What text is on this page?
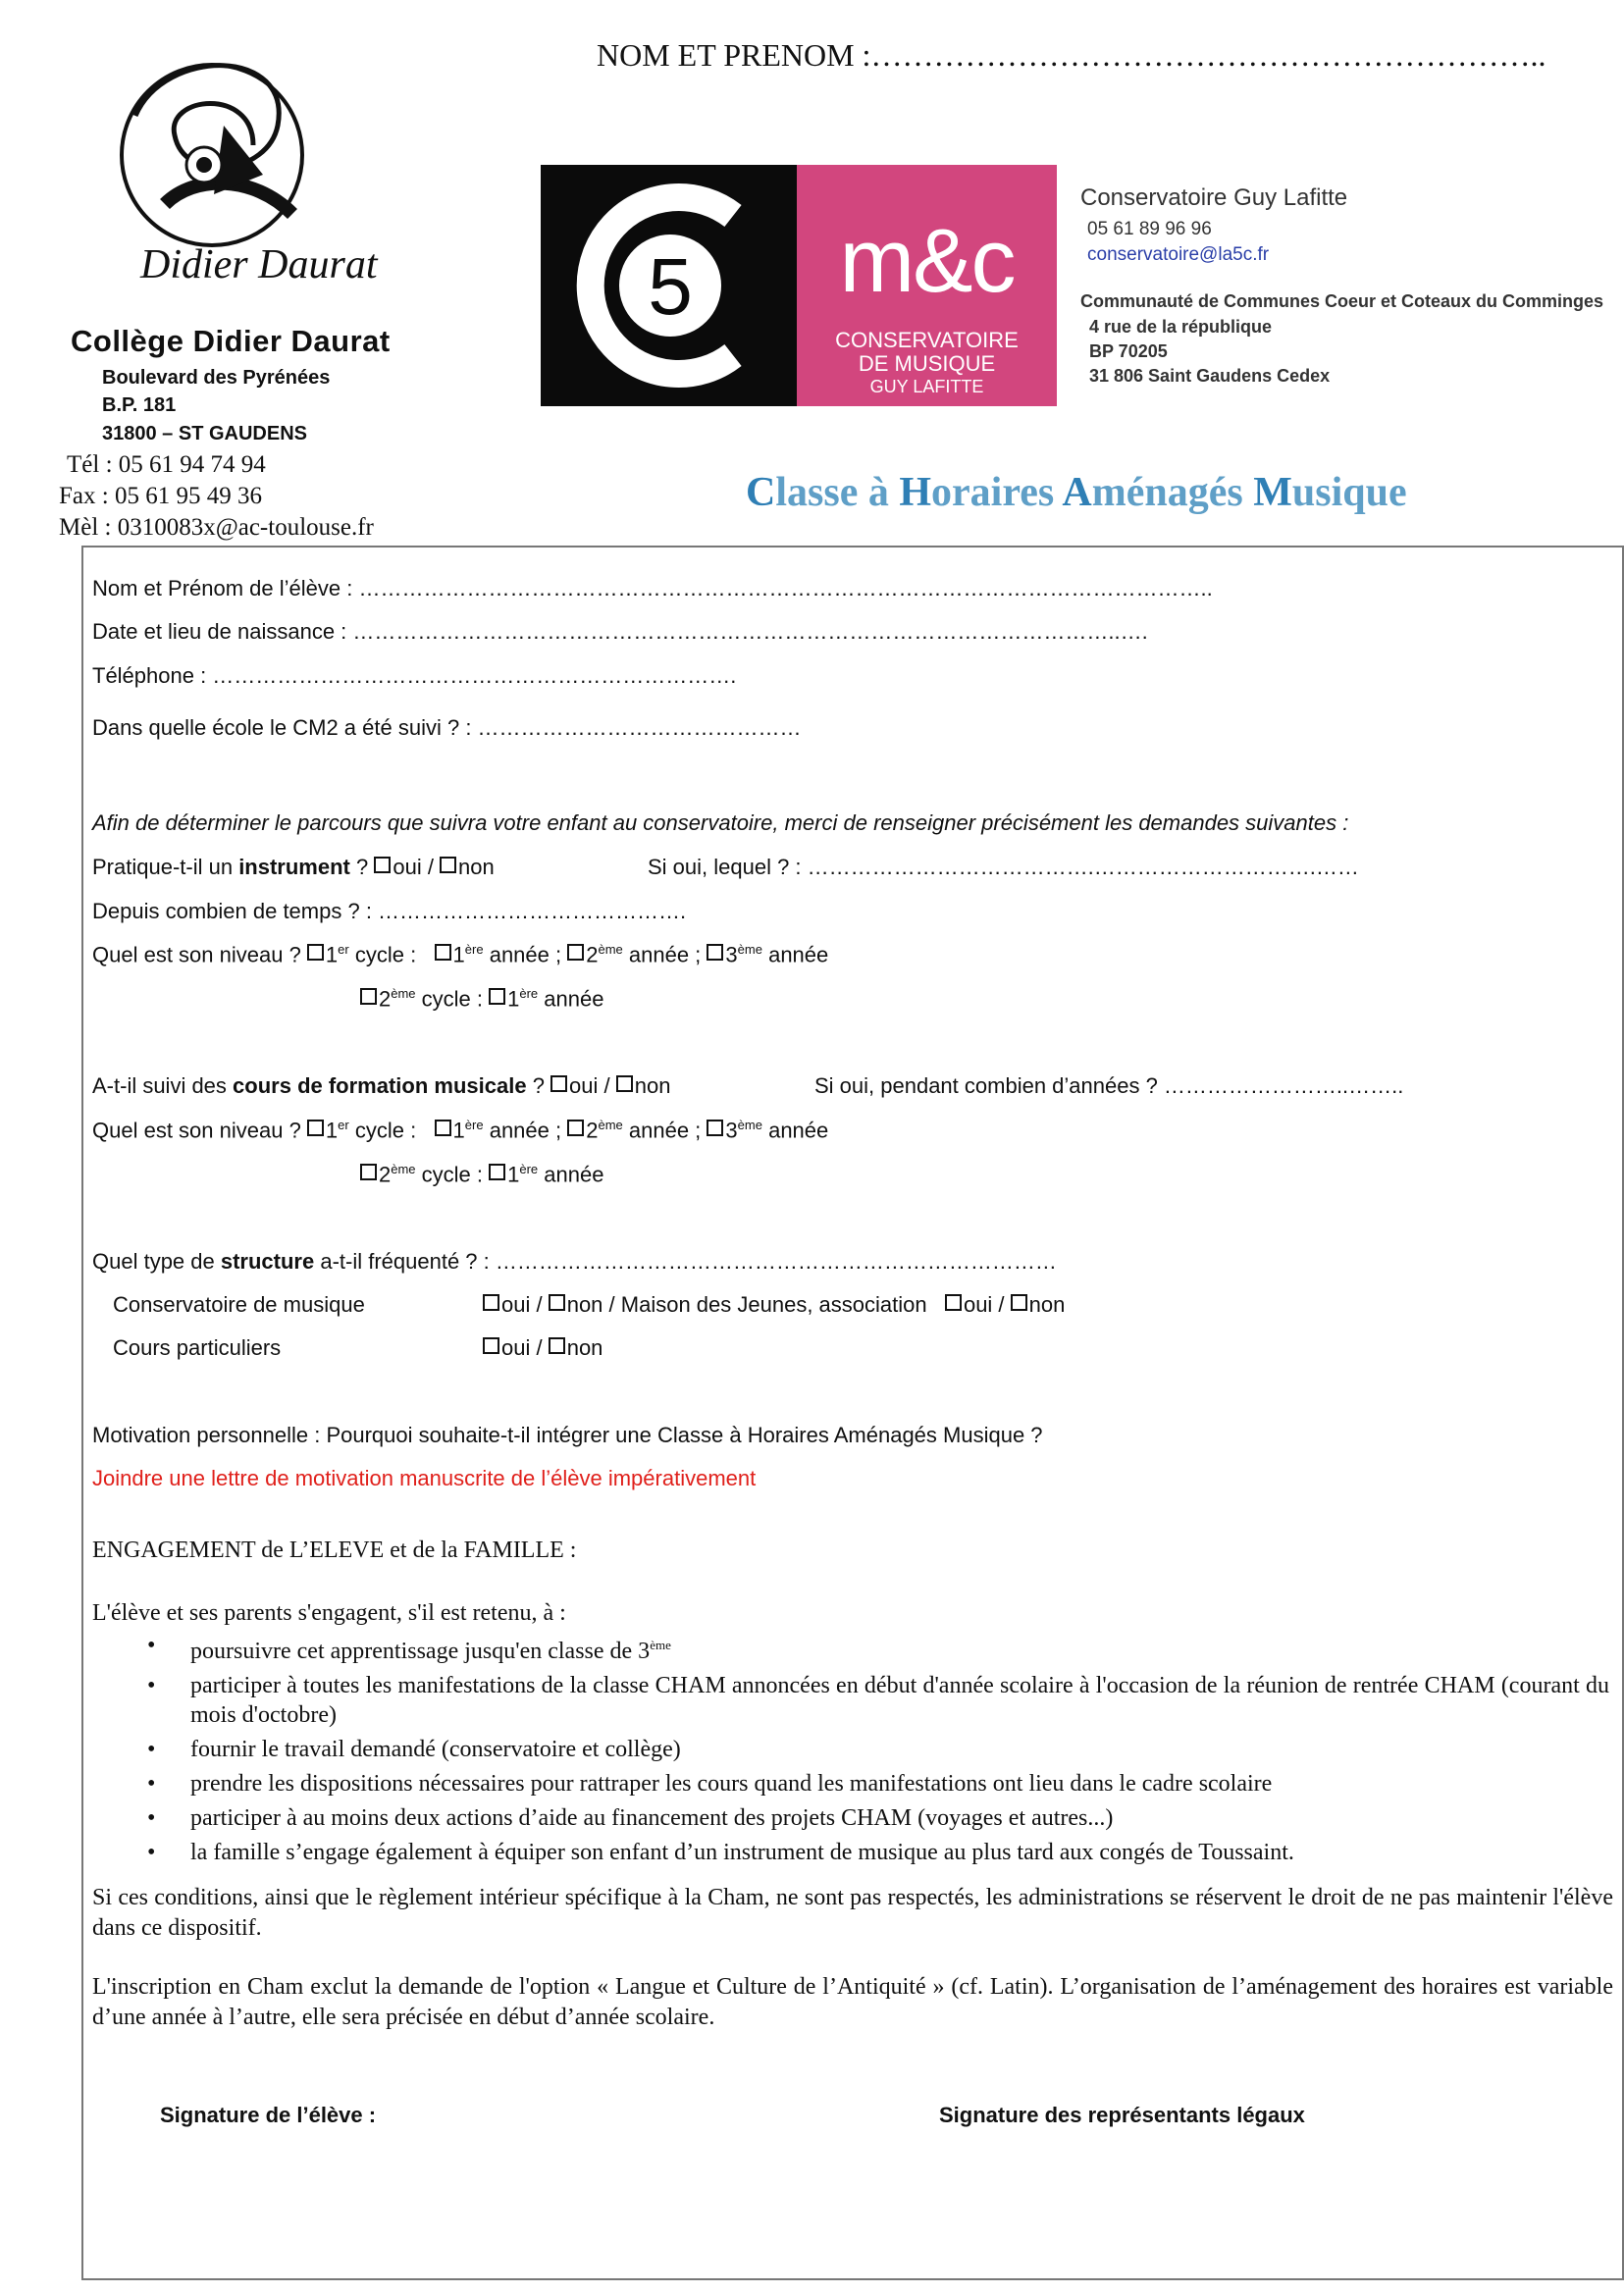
NOM ET PRENOM :………………………………………………………..
Didier Daurat
Collège Didier Daurat
Boulevard des Pyrénées
B.P. 181
31800 – ST GAUDENS
Tél : 05 61 94 74 94
Fax : 05 61 95 49 36
Mèl : 0310083x@ac-toulouse.fr
5	m&c
CONSERVATOIRE
DE MUSIQUE
GUY LAFITTE
Conservatoire Guy Lafitte
05 61 89 96 96
conservatoire@la5c.fr
Communauté de Communes Coeur et Coteaux du Comminges
4 rue de la république
BP 70205
31 806 Saint Gaudens Cedex
Classe à Horaires Aménagés Musique
Nom et Prénom de l’élève : ………………………………………………………………………………………………………..
Date et lieu de naissance : ……………………………………………………………………………………………..….
Téléphone : ……………………………………………………………….
Dans quelle école le CM2 a été suivi ? : ………………………………………
Afin de déterminer le parcours que suivra votre enfant au conservatoire, merci de renseigner précisément les demandes suivantes :
Pratique-t-il un instrument ? oui / non	Si oui, lequel ? : ………………………………….………………………….……
Depuis combien de temps ? : …………………………………….
Quel est son niveau ? 1er cycle :   1ère année ; 2ème année ; 3ème année
2ème cycle : 1ère année
A-t-il suivi des cours de formation musicale ? oui / non	Si oui, pendant combien d’années ? ……………………..……..
Quel est son niveau ? 1er cycle :   1ère année ; 2ème année ; 3ème année
2ème cycle : 1ère année
Quel type de structure a-t-il fréquenté ? : ……………………………………………………………………
Conservatoire de musique	oui / non / Maison des Jeunes, association oui / non
Cours particuliers	oui / non
Motivation personnelle : Pourquoi souhaite-t-il intégrer une Classe à Horaires Aménagés Musique ?
Joindre une lettre de motivation manuscrite de l’élève impérativement
ENGAGEMENT de L’ELEVE et de la FAMILLE :
L'élève et ses parents s'engagent, s'il est retenu, à :
• poursuivre cet apprentissage jusqu'en classe de 3ème
• participer à toutes les manifestations de la classe CHAM annoncées en début d'année scolaire à l'occasion de la réunion de rentrée CHAM (courant du mois d'octobre)
• fournir le travail demandé (conservatoire et collège)
• prendre les dispositions nécessaires pour rattraper les cours quand les manifestations ont lieu dans le cadre scolaire
• participer à au moins deux actions d’aide au financement des projets CHAM (voyages et autres...)
• la famille s’engage également à équiper son enfant d’un instrument de musique au plus tard aux congés de Toussaint.
Si ces conditions, ainsi que le règlement intérieur spécifique à la Cham, ne sont pas respectés, les administrations se réservent le droit de ne pas maintenir l'élève dans ce dispositif.
L'inscription en Cham exclut la demande de l'option « Langue et Culture de l’Antiquité » (cf. Latin). L’organisation de l’aménagement des horaires est variable d’une année à l’autre, elle sera précisée en début d’année scolaire.
Signature de l’élève :	Signature des représentants légaux
